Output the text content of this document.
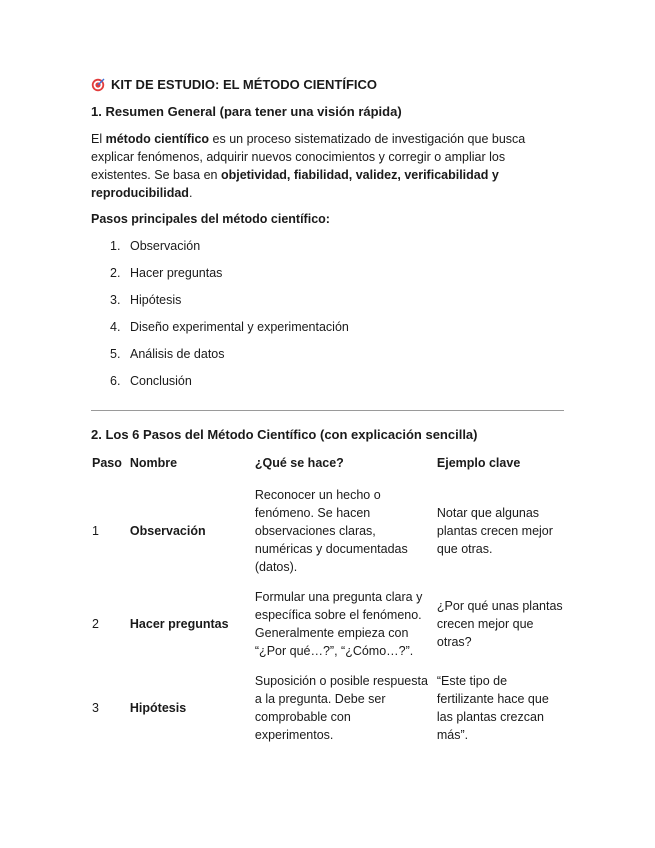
KIT DE ESTUDIO: EL MÉTODO CIENTÍFICO
1. Resumen General (para tener una visión rápida)
El método científico es un proceso sistematizado de investigación que busca explicar fenómenos, adquirir nuevos conocimientos y corregir o ampliar los existentes. Se basa en objetividad, fiabilidad, validez, verificabilidad y reproducibilidad.
Pasos principales del método científico:
1. Observación
2. Hacer preguntas
3. Hipótesis
4. Diseño experimental y experimentación
5. Análisis de datos
6. Conclusión
2. Los 6 Pasos del Método Científico (con explicación sencilla)
Paso	Nombre	¿Qué se hace?	Ejemplo clave
1	Observación	Reconocer un hecho o fenómeno. Se hacen observaciones claras, numéricas y documentadas (datos).	Notar que algunas plantas crecen mejor que otras.
2	Hacer preguntas	Formular una pregunta clara y específica sobre el fenómeno. Generalmente empieza con “¿Por qué…?”, “¿Cómo…?”.	¿Por qué unas plantas crecen mejor que otras?
3	Hipótesis	Suposición o posible respuesta a la pregunta. Debe ser comprobable con experimentos.	“Este tipo de fertilizante hace que las plantas crezcan más”.
